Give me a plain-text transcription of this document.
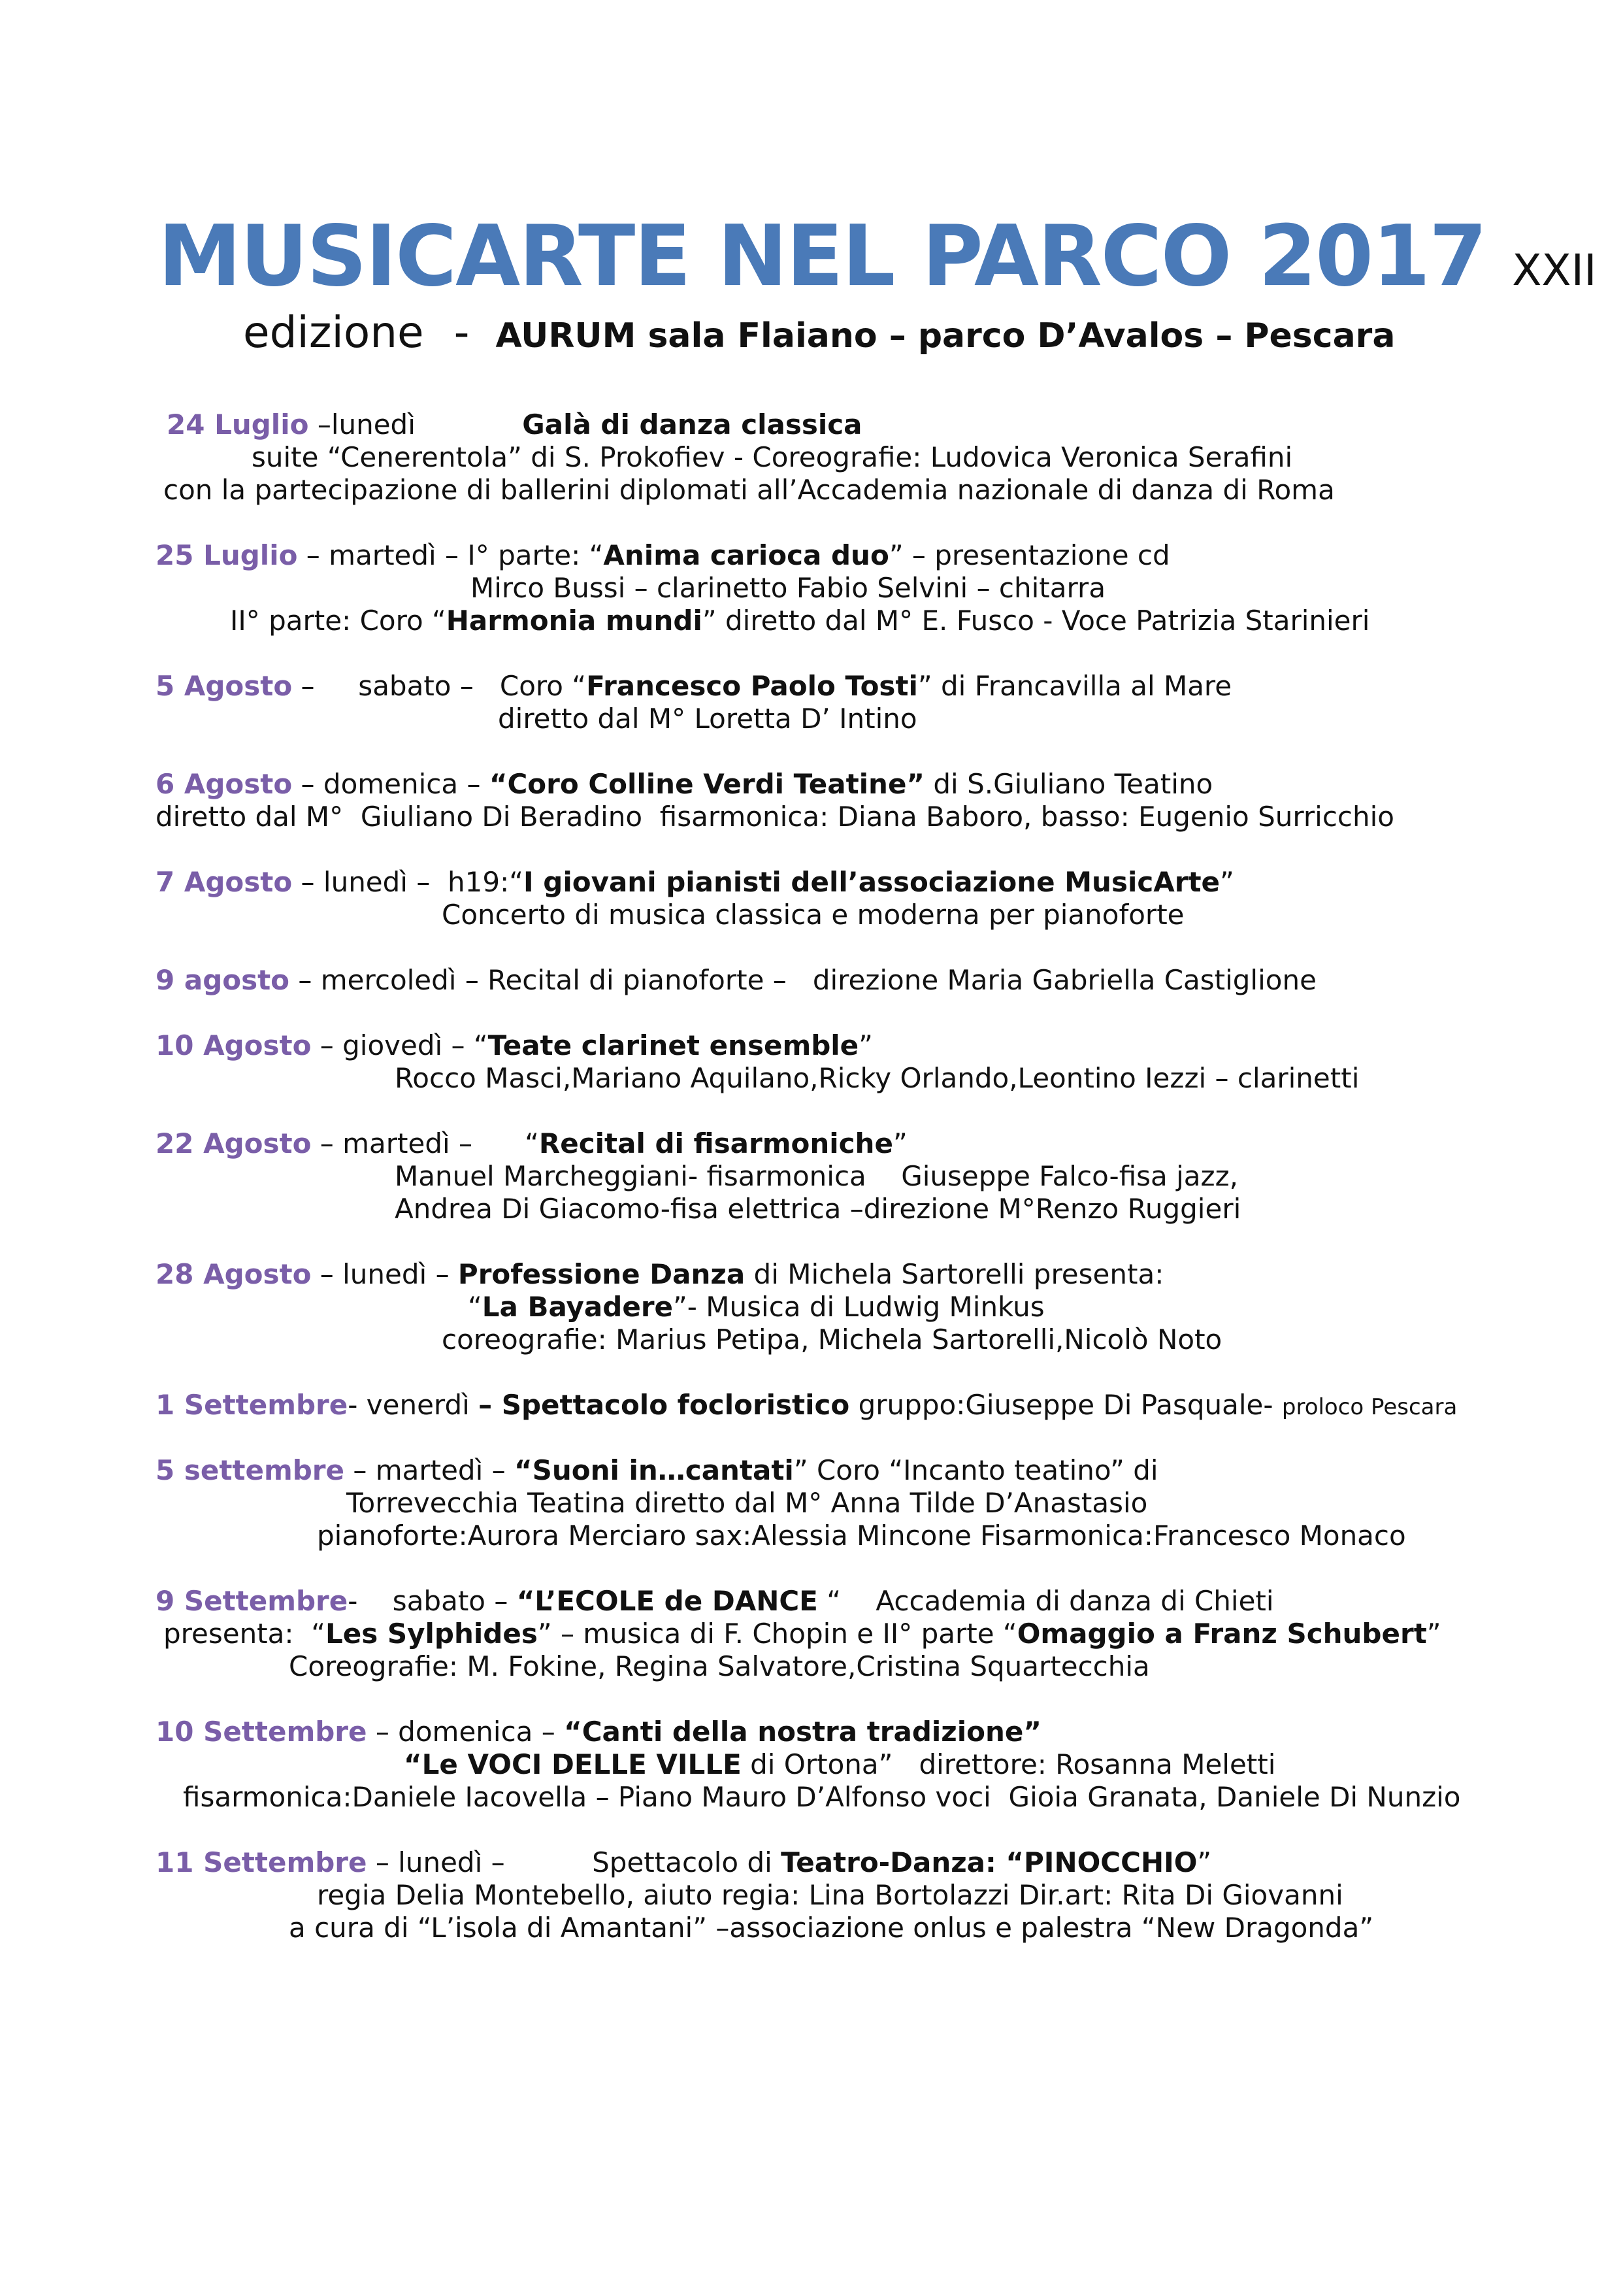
MUSICARTE NEL PARCO 2017 XXII
edizione - AURUM sala Flaiano – parco D’Avalos – Pescara
24 Luglio –lunedì	Galà di danza classica
suite “Cenerentola” di S. Prokofiev - Coreografie: Ludovica Veronica Serafini
con la partecipazione di ballerini diplomati all’Accademia nazionale di danza di Roma
25 Luglio – martedì – I° parte: “Anima carioca duo” – presentazione cd
Mirco Bussi – clarinetto Fabio Selvini – chitarra
II° parte: Coro “Harmonia mundi” diretto dal M° E. Fusco - Voce Patrizia Starinieri
5 Agosto –     sabato –   Coro “Francesco Paolo Tosti” di Francavilla al Mare
diretto dal M° Loretta D’ Intino
6 Agosto – domenica – “Coro Colline Verdi Teatine” di S.Giuliano Teatino
diretto dal M°  Giuliano Di Beradino  fisarmonica: Diana Baboro, basso: Eugenio Surricchio
7 Agosto – lunedì –  h19:“I giovani pianisti dell’associazione MusicArte”
Concerto di musica classica e moderna per pianoforte
9 agosto – mercoledì – Recital di pianoforte –   direzione Maria Gabriella Castiglione
10 Agosto – giovedì – “Teate clarinet ensemble”
Rocco Masci,Mariano Aquilano,Ricky Orlando,Leontino Iezzi – clarinetti
22 Agosto – martedì –      “Recital di fisarmoniche”
Manuel Marcheggiani- fisarmonica    Giuseppe Falco-fisa jazz,
Andrea Di Giacomo-fisa elettrica –direzione M°Renzo Ruggieri
28 Agosto – lunedì – Professione Danza di Michela Sartorelli presenta:
“La Bayadere”- Musica di Ludwig Minkus
coreografie: Marius Petipa, Michela Sartorelli,Nicolò Noto
1 Settembre- venerdì – Spettacolo focloristico gruppo:Giuseppe Di Pasquale- proloco Pescara
5 settembre – martedì – “Suoni in…cantati” Coro “Incanto teatino” di
Torrevecchia Teatina diretto dal M° Anna Tilde D’Anastasio
pianoforte:Aurora Merciaro sax:Alessia Mincone Fisarmonica:Francesco Monaco
9 Settembre-    sabato – “L’ECOLE de DANCE “    Accademia di danza di Chieti
presenta:  “Les Sylphides” – musica di F. Chopin e II° parte “Omaggio a Franz Schubert”
Coreografie: M. Fokine, Regina Salvatore,Cristina Squartecchia
10 Settembre – domenica – “Canti della nostra tradizione”
“Le VOCI DELLE VILLE di Ortona”   direttore: Rosanna Meletti
fisarmonica:Daniele Iacovella – Piano Mauro D’Alfonso voci  Gioia Granata, Daniele Di Nunzio
11 Settembre – lunedì –          Spettacolo di Teatro-Danza: “PINOCCHIO”
regia Delia Montebello, aiuto regia: Lina Bortolazzi Dir.art: Rita Di Giovanni
a cura di “L’isola di Amantani” –associazione onlus e palestra “New Dragonda”
